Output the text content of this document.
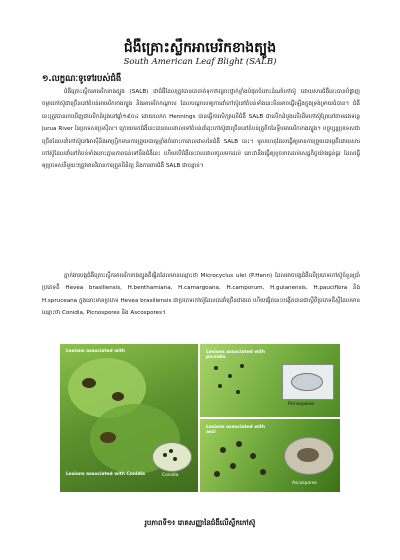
ជំងឺគ្រោះស្លឹកអាមេរិកខាងត្បូង
South American Leaf Blight (SALB)
១.លក្ខណៈទូទៅរបស់ជំងឺ

ជំងឺគ្រោះស្លឹកអាមេរិកខាងត្បូង (SALB) ជាជំងឺដែលត្រូវបានគេចាត់ទុកថាគ្រោះថ្នាក់ខ្លាំងបំផុតចំពោះដំណាំកៅស៊ូ ដោយសារជំងឺនេះបានបំផ្លាញចម្ការកៅស៊ូជាច្រើននៅតំបន់អាមេរិកខាងត្បូង និងអាមេរិកកណ្តាល ដែលបណ្តាលឲ្យការដាំកៅស៊ូនៅតំបន់ទាំងនេះមិនអាចធ្វើឡើងក្នុងទ្រង់ទ្រាយធំបាន។ ជំងឺនេះត្រូវបានរកឃើញជាលើកដំបូងនៅឆ្នាំ១៩០៤ ដោយលោក Hennings បានធ្វើការសិក្សាលើជំងឺ SALB ជាលើកដំបូងលើដើមកៅស៊ូព្រៃនៅតាមដងទន្លេ Jurua River នៃប្រទេសប្រេស៊ីល។ ក្រោយមកជំងឺនេះបានរាលដាលទៅតំបន់ដាំដុះកៅស៊ូជាច្រើននៅតំបន់ត្រូពិចនៃទ្វីបអាមេរិកខាងត្បូង។ បច្ចុប្បន្នប្រទេសជាច្រើនដែលដាំកៅស៊ូនៅអាស៊ីនិងអាហ្វ្រិកមានការព្រួយបារម្ភខ្លាំងចំពោះការរាលដាលនៃជំងឺ SALB នេះ។ មូលហេតុដែលធ្វើឲ្យមានការព្រួយបារម្ភគឺដោយសារកៅស៊ូដែលដាំនៅតំបន់ទាំងនោះគ្មានភាពធន់ទៅនឹងជំងឺនេះ ហើយបើជំងឺនេះរាលដាលចូលមកដល់ នោះវានឹងធ្វើឲ្យខូចខាតដល់សេដ្ឋកិច្ចយ៉ាងធ្ងន់ធ្ងរ ដែលធ្វើឲ្យប្រទេសនីមួយៗត្រូវមានវិធានការត្រួតពិនិត្យ និងការពារជំងឺ SALB ជាបន្ទាន់។

ភ្នាក់ងារបង្កជំងឺគ្រោះស្លឹកអាមេរិកខាងត្បូងគឺផ្សិតដែលមានឈ្មោះថា Microcyclus ulei (P.Henn) ដែលអាចបង្កជំងឺលើប្រភេទកៅស៊ូចំនួនប្រាំប្រភេទគឺ Hevea brasiliensis, H.benthamiana, H.camargoana, H.camporum, H.guianensis, H.pauciflora និង H.spruceana ក្នុងនោះមានប្រភេទ Hevea brasiliensis ជាប្រភេទកៅស៊ូដែលគេដាំច្រើនជាងគេ ហើយផ្សិតនេះបង្កើតបានជាស្ពឺពីប្រភេទគឺស្ពឺដែលមានឈ្មោះថា Conidia, Picnospores និង Ascospores។

Lesions associated with
Lesions associated with Conidia	Conidia
Lesions associated with picnidia
Picnospores
Lesions associated with asci
Ascospores
រូបភាពទី១៖ រោគសញ្ញានៃជំងឺលើស្លឹកកៅស៊ូ
